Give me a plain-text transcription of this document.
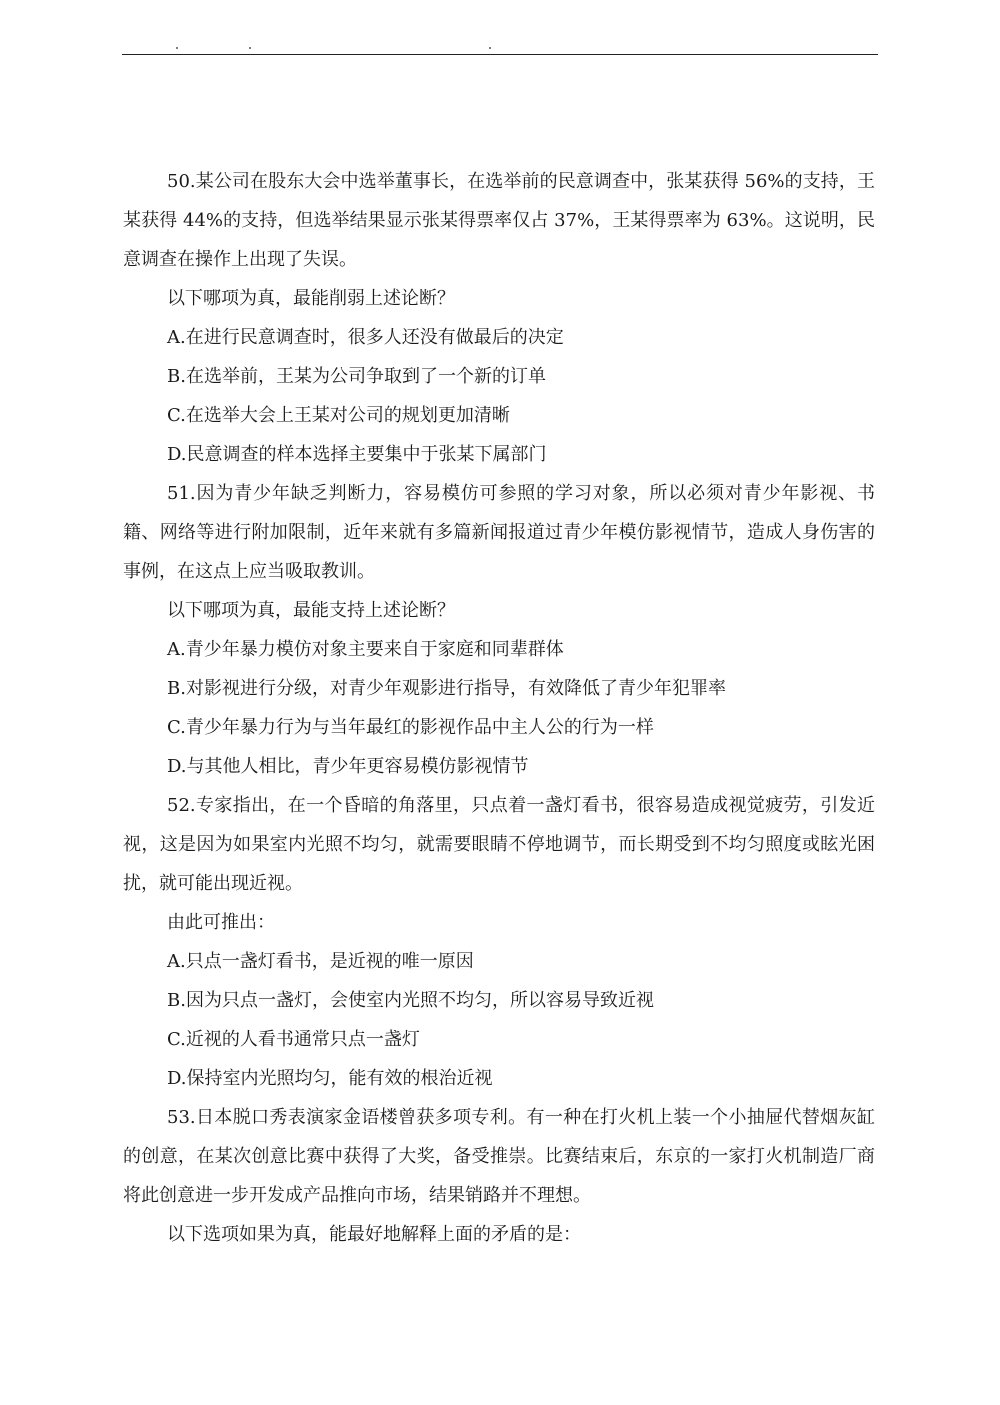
50.某公司在股东大会中选举董事长，在选举前的民意调查中，张某获得 56%的支持，王某获得 44%的支持，但选举结果显示张某得票率仅占 37%，王某得票率为 63%。这说明，民意调查在操作上出现了失误。

以下哪项为真，最能削弱上述论断？

A.在进行民意调查时，很多人还没有做最后的决定

B.在选举前，王某为公司争取到了一个新的订单

C.在选举大会上王某对公司的规划更加清晰

D.民意调查的样本选择主要集中于张某下属部门

51.因为青少年缺乏判断力，容易模仿可参照的学习对象，所以必须对青少年影视、书籍、网络等进行附加限制，近年来就有多篇新闻报道过青少年模仿影视情节，造成人身伤害的事例，在这点上应当吸取教训。

以下哪项为真，最能支持上述论断？

A.青少年暴力模仿对象主要来自于家庭和同辈群体

B.对影视进行分级，对青少年观影进行指导，有效降低了青少年犯罪率

C.青少年暴力行为与当年最红的影视作品中主人公的行为一样

D.与其他人相比，青少年更容易模仿影视情节

52.专家指出，在一个昏暗的角落里，只点着一盏灯看书，很容易造成视觉疲劳，引发近视，这是因为如果室内光照不均匀，就需要眼睛不停地调节，而长期受到不均匀照度或眩光困扰，就可能出现近视。

由此可推出：

A.只点一盏灯看书，是近视的唯一原因

B.因为只点一盏灯，会使室内光照不均匀，所以容易导致近视

C.近视的人看书通常只点一盏灯

D.保持室内光照均匀，能有效的根治近视

53.日本脱口秀表演家金语楼曾获多项专利。有一种在打火机上装一个小抽屉代替烟灰缸的创意，在某次创意比赛中获得了大奖，备受推崇。比赛结束后，东京的一家打火机制造厂商将此创意进一步开发成产品推向市场，结果销路并不理想。

以下选项如果为真，能最好地解释上面的矛盾的是：
